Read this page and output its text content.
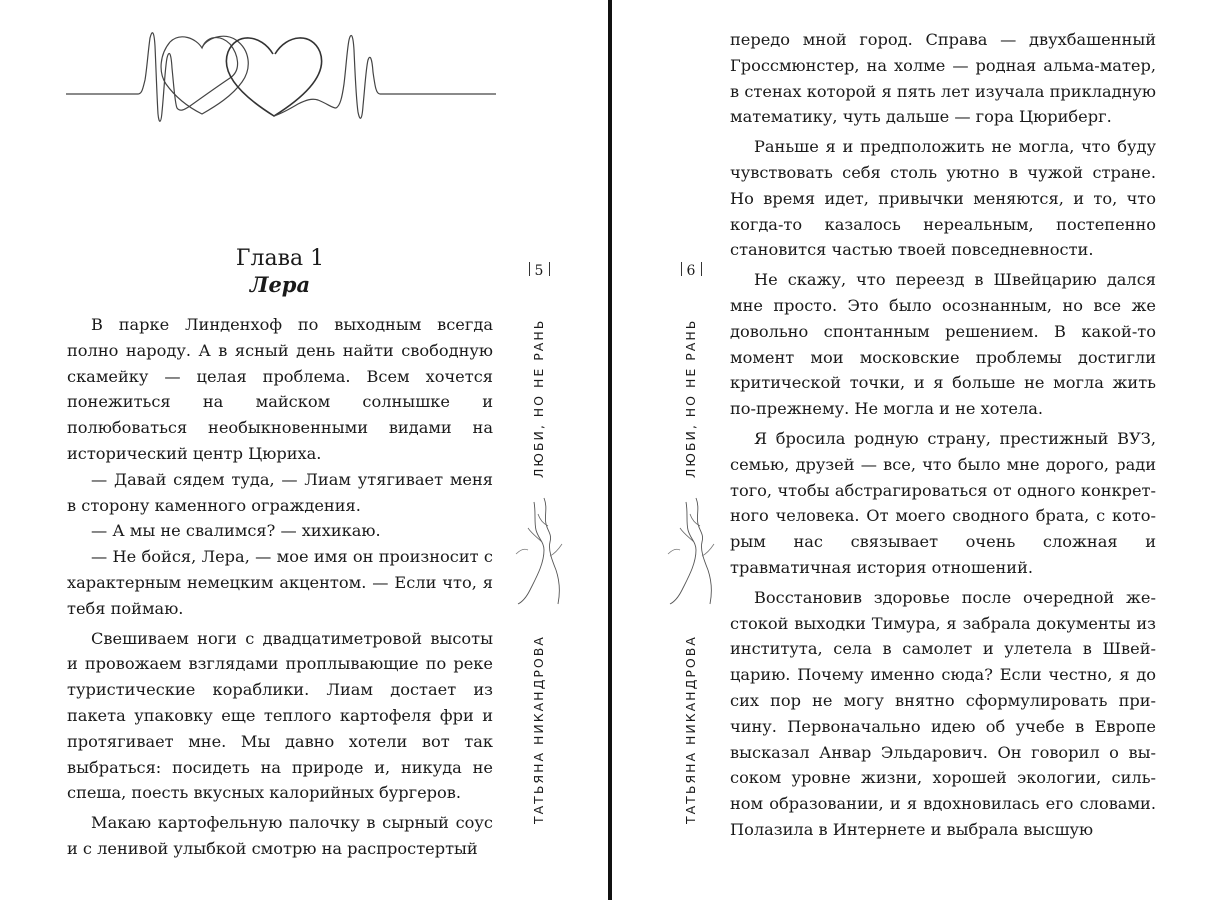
Глава 1
Лера

В парке Линденхоф по выходным всегда полно народу. А в ясный день найти свободную скамейку — целая проблема. Всем хочется понежиться на майском солнышке и полюбоваться необыкновенными видами на исторический центр Цюриха.

— Давай сядем туда, — Лиам утягивает меня в сторону каменного ограждения.

— А мы не свалимся? — хихикаю.

— Не бойся, Лера, — мое имя он произносит с характерным немецким акцентом. — Если что, я тебя поймаю.

Свешиваем ноги с двадцатиметровой высоты и провожаем взглядами проплывающие по реке туристические кораблики. Лиам достает из пакета упаковку еще теплого картофеля фри и протягивает мне. Мы давно хотели вот так выбраться: посидеть на природе и, никуда не спеша, поесть вкусных калорийных бургеров.

Макаю картофельную палочку в сырный соус и с ленивой улыбкой смотрю на распростертый

5
ЛЮБИ, НО НЕ РАНЬ
ТАТЬЯНА НИКАНДРОВА
6
ЛЮБИ, НО НЕ РАНЬ
ТАТЬЯНА НИКАНДРОВА

передо мной город. Справа — двухбашенный Гроссмюнстер, на холме — родная альма-матер, в стенах которой я пять лет изучала прикладную математику, чуть дальше — гора Цюриберг.

Раньше я и предположить не могла, что буду чувствовать себя столь уютно в чужой стране. Но время идет, привычки меняются, и то, что когда-то казалось нереальным, постепенно становится частью твоей повседневности.

Не скажу, что переезд в Швейцарию дался мне просто. Это было осознанным, но все же довольно спонтанным решением. В какой-то момент мои московские проблемы достигли критической точки, и я больше не могла жить по-прежнему. Не могла и не хотела.

Я бросила родную страну, престижный ВУЗ, семью, друзей — все, что было мне дорого, ради того, чтобы абстрагироваться от одного конкретного человека. От моего сводного брата, с которым нас связывает очень сложная и травматичная история отношений.

Восстановив здоровье после очередной жестокой выходки Тимура, я забрала документы из института, села в самолет и улетела в Швейцарию. Почему именно сюда? Если честно, я до сих пор не могу внятно сформулировать причину. Первоначально идею об учебе в Европе высказал Анвар Эльдарович. Он говорил о высоком уровне жизни, хорошей экологии, сильном образовании, и я вдохновилась его словами. Полазила в Интернете и выбрала высшую
